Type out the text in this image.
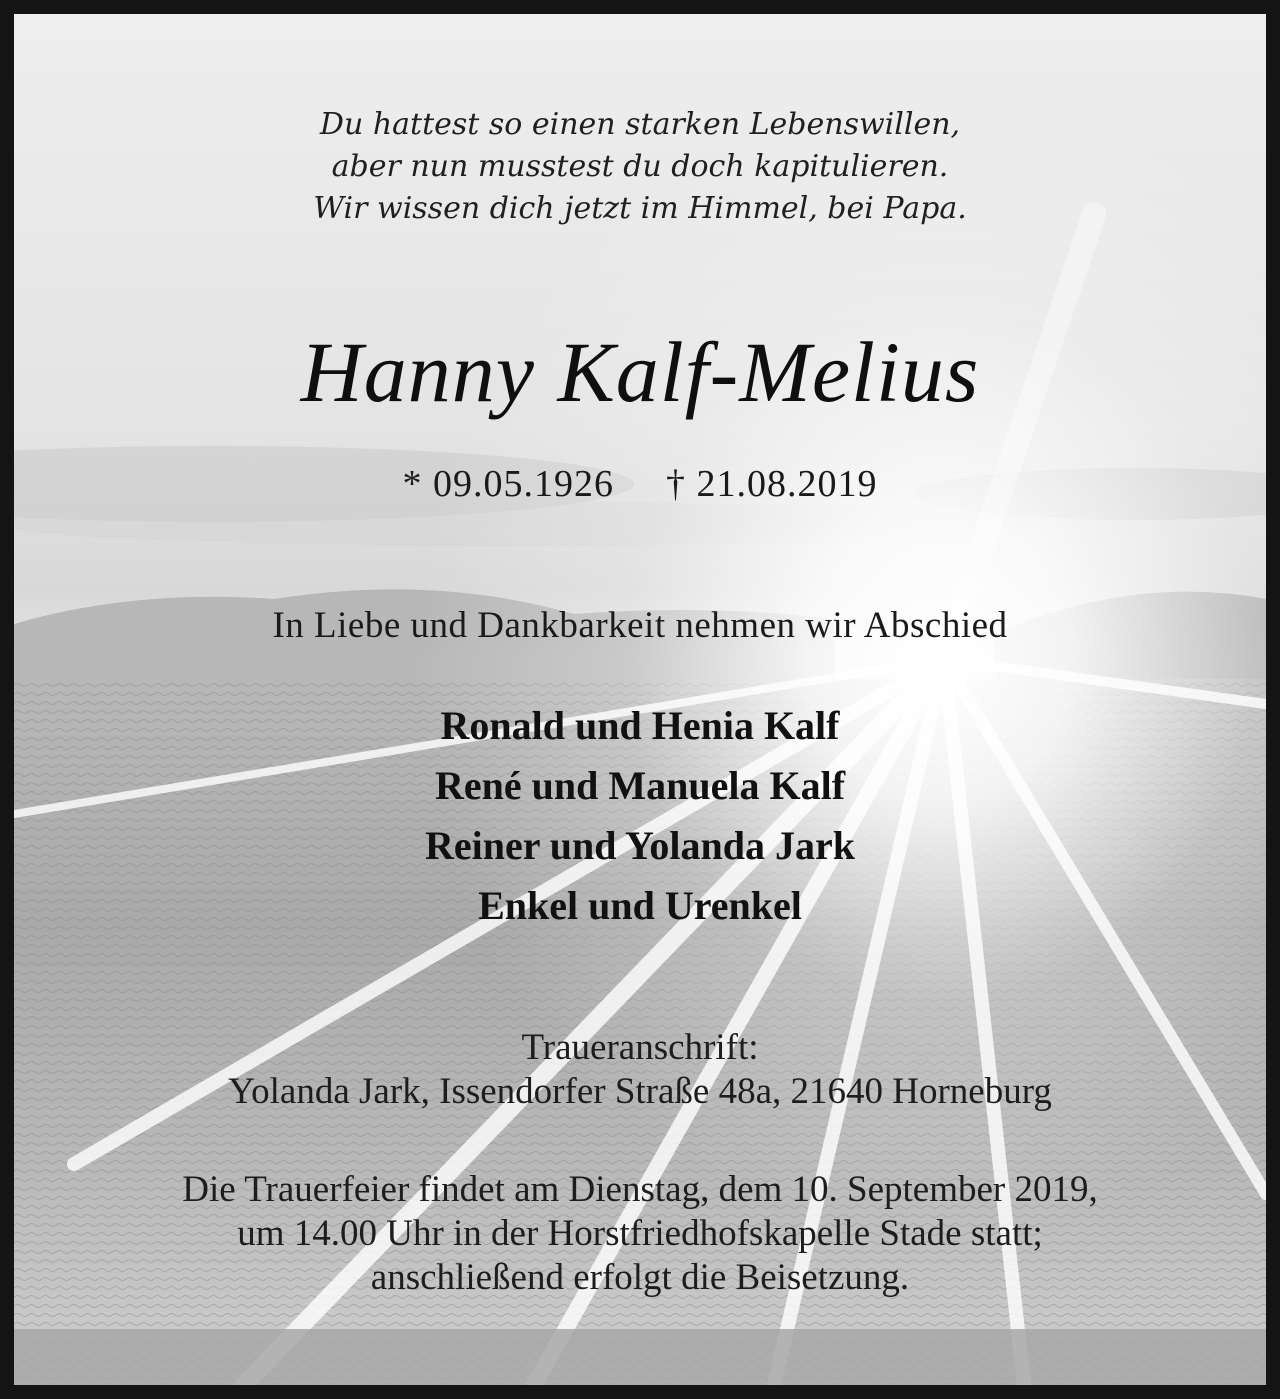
Du hattest so einen starken Lebenswillen,

aber nun musstest du doch kapitulieren.

Wir wissen dich jetzt im Himmel, bei Papa.

Hanny Kalf-Melius

* 09.05.1926 † 21.08.2019

In Liebe und Dankbarkeit nehmen wir Abschied

Ronald und Henia Kalf

René und Manuela Kalf

Reiner und Yolanda Jark

Enkel und Urenkel

Traueranschrift:

Yolanda Jark, Issendorfer Straße 48a, 21640 Horneburg

Die Trauerfeier findet am Dienstag, dem 10. September 2019,

um 14.00 Uhr in der Horstfriedhofskapelle Stade statt;

anschließend erfolgt die Beisetzung.
